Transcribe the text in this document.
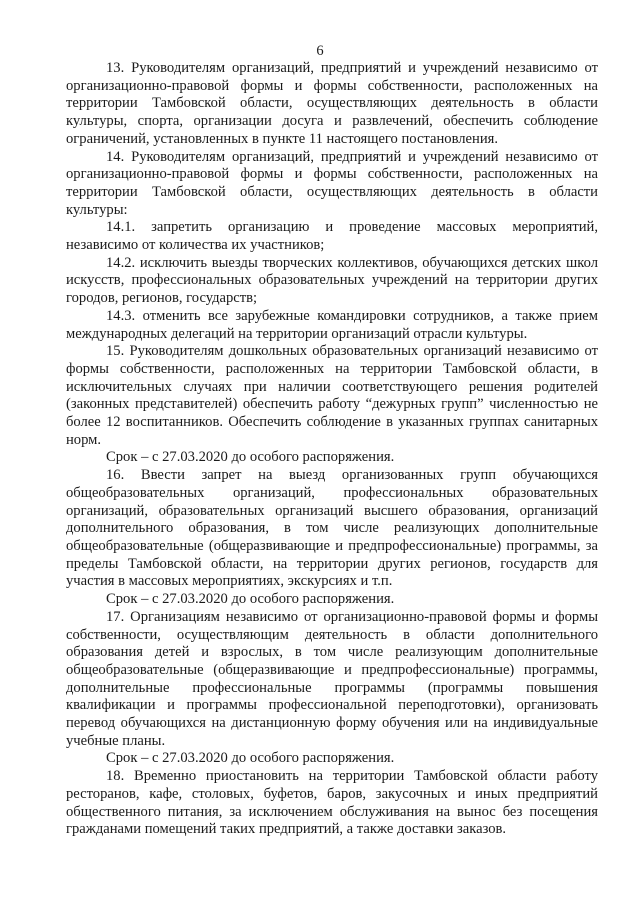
6

13. Руководителям организаций, предприятий и учреждений независимо от организационно-правовой формы и формы собственности, расположенных на территории Тамбовской области, осуществляющих деятельность в области культуры, спорта, организации досуга и развлечений, обеспечить соблюдение ограничений, установленных в пункте 11 настоящего постановления.

14. Руководителям организаций, предприятий и учреждений независимо от организационно-правовой формы и формы собственности, расположенных на территории Тамбовской области, осуществляющих деятельность в области культуры:

14.1. запретить организацию и проведение массовых мероприятий, независимо от количества их участников;

14.2. исключить выезды творческих коллективов, обучающихся детских школ искусств, профессиональных образовательных учреждений на территории других городов, регионов, государств;

14.3. отменить все зарубежные командировки сотрудников, а также прием международных делегаций на территории организаций отрасли культуры.

15. Руководителям дошкольных образовательных организаций независимо от формы собственности, расположенных на территории Тамбовской области, в исключительных случаях при наличии соответствующего решения родителей (законных представителей) обеспечить работу “дежурных групп” численностью не более 12 воспитанников. Обеспечить соблюдение в указанных группах санитарных норм.

Срок – с 27.03.2020 до особого распоряжения.

16. Ввести запрет на выезд организованных групп обучающихся общеобразовательных организаций, профессиональных образовательных организаций, образовательных организаций высшего образования, организаций дополнительного образования, в том числе реализующих дополнительные общеобразовательные (общеразвивающие и предпрофессиональные) программы, за пределы Тамбовской области, на территории других регионов, государств для участия в массовых мероприятиях, экскурсиях и т.п.

Срок – с 27.03.2020 до особого распоряжения.

17. Организациям независимо от организационно-правовой формы и формы собственности, осуществляющим деятельность в области дополнительного образования детей и взрослых, в том числе реализующим дополнительные общеобразовательные (общеразвивающие и предпрофессиональные) программы, дополнительные профессиональные программы (программы повышения квалификации и программы профессиональной переподготовки), организовать перевод обучающихся на дистанционную форму обучения или на индивидуальные учебные планы.

Срок – с 27.03.2020 до особого распоряжения.

18. Временно приостановить на территории Тамбовской области работу ресторанов, кафе, столовых, буфетов, баров, закусочных и иных предприятий общественного питания, за исключением обслуживания на вынос без посещения гражданами помещений таких предприятий, а также доставки заказов.
